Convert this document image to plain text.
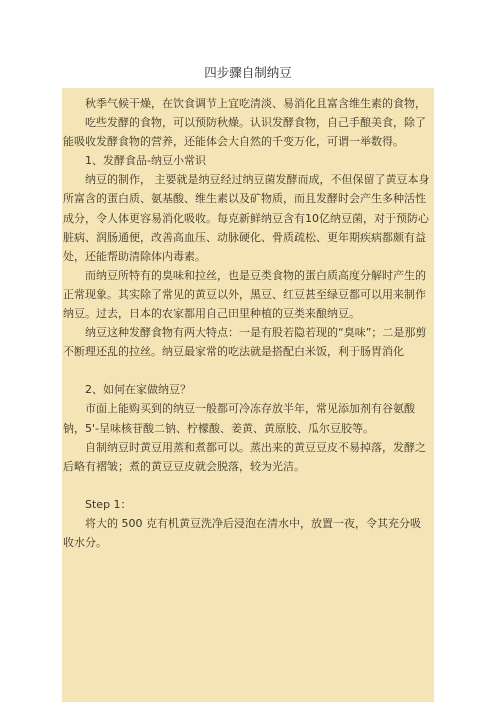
四步骤自制纳豆

秋季气候干燥，在饮食调节上宜吃清淡、易消化且富含维生素的食物，

吃些发酵的食物，可以预防秋燥。认识发酵食物，自己手酿美食，除了能吸收发酵食物的营养，还能体会大自然的千变万化，可谓一举数得。

1、发酵食品-纳豆小常识

纳豆的制作， 主要就是纳豆经过纳豆菌发酵而成，不但保留了黄豆本身所富含的蛋白质、氨基酸、维生素以及矿物质，而且发酵时会产生多种活性成分，令人体更容易消化吸收。每克新鲜纳豆含有10亿纳豆菌，对于预防心脏病、润肠通便，改善高血压、动脉硬化、骨质疏松、更年期疾病都颇有益处，还能帮助清除体内毒素。

而纳豆所特有的臭味和拉丝，也是豆类食物的蛋白质高度分解时产生的正常现象。其实除了常见的黄豆以外，黑豆、红豆甚至绿豆都可以用来制作纳豆。过去，日本的农家都用自己田里种植的豆类来酿纳豆。

纳豆这种发酵食物有两大特点：一是有股若隐若现的“臭味”；二是那剪不断理还乱的拉丝。纳豆最家常的吃法就是搭配白米饭，利于肠胃消化

2、如何在家做纳豆？

市面上能购买到的纳豆一般都可冷冻存放半年，常见添加剂有谷氨酸钠，5'-呈味核苷酸二钠、柠檬酸、姜黄、黄原胶、瓜尔豆胶等。

自制纳豆时黄豆用蒸和煮都可以。蒸出来的黄豆豆皮不易掉落，发酵之后略有褶皱；煮的黄豆豆皮就会脱落，较为光洁。

Step 1：

将大的 500 克有机黄豆洗净后浸泡在清水中，放置一夜，令其充分吸收水分。
